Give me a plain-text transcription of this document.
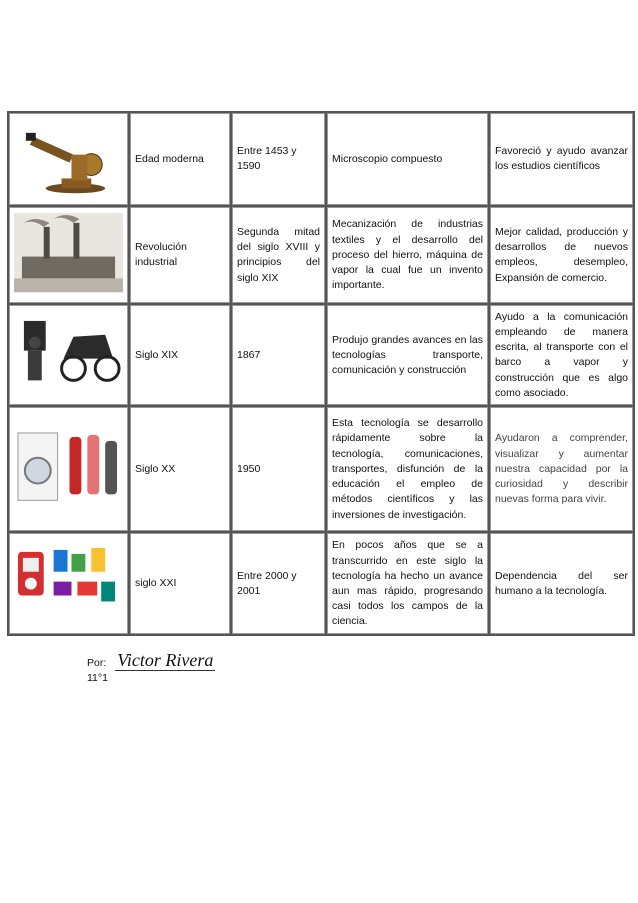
	Edad moderna	Entre 1453 y 1590	Microscopio compuesto	Favoreció y ayudo avanzar los estudios científicos
	Revolución industrial	Segunda mitad del siglo XVIII y principios del siglo XIX	Mecanización de industrias textiles y el desarrollo del proceso del hierro, máquina de vapor la cual fue un invento importante.	Mejor calidad, producción y desarrollos de nuevos empleos, desempleo, Expansión de comercio.
	Siglo XIX	1867	Produjo grandes avances en las tecnologías transporte, comunicación y construcción	Ayudo a la comunicación empleando de manera escrita, al transporte con el barco a vapor y construcción que es algo como asociado.
	Siglo XX	1950	Esta tecnología se desarrollo rápidamente sobre la tecnología, comunicaciones, transportes, disfunción de la educación el empleo de métodos científicos y las inversiones de investigación.	Ayudaron a comprender, visualizar y aumentar nuestra capacidad por la curiosidad y describir nuevas forma para vivir.
	siglo XXI	Entre 2000 y 2001	En pocos años que se a transcurrido en este siglo la tecnología ha hecho un avance aun mas rápido, progresando casi todos los campos de la ciencia.	Dependencia del ser humano a la tecnología.
Por: Victor Rivera
11°1
